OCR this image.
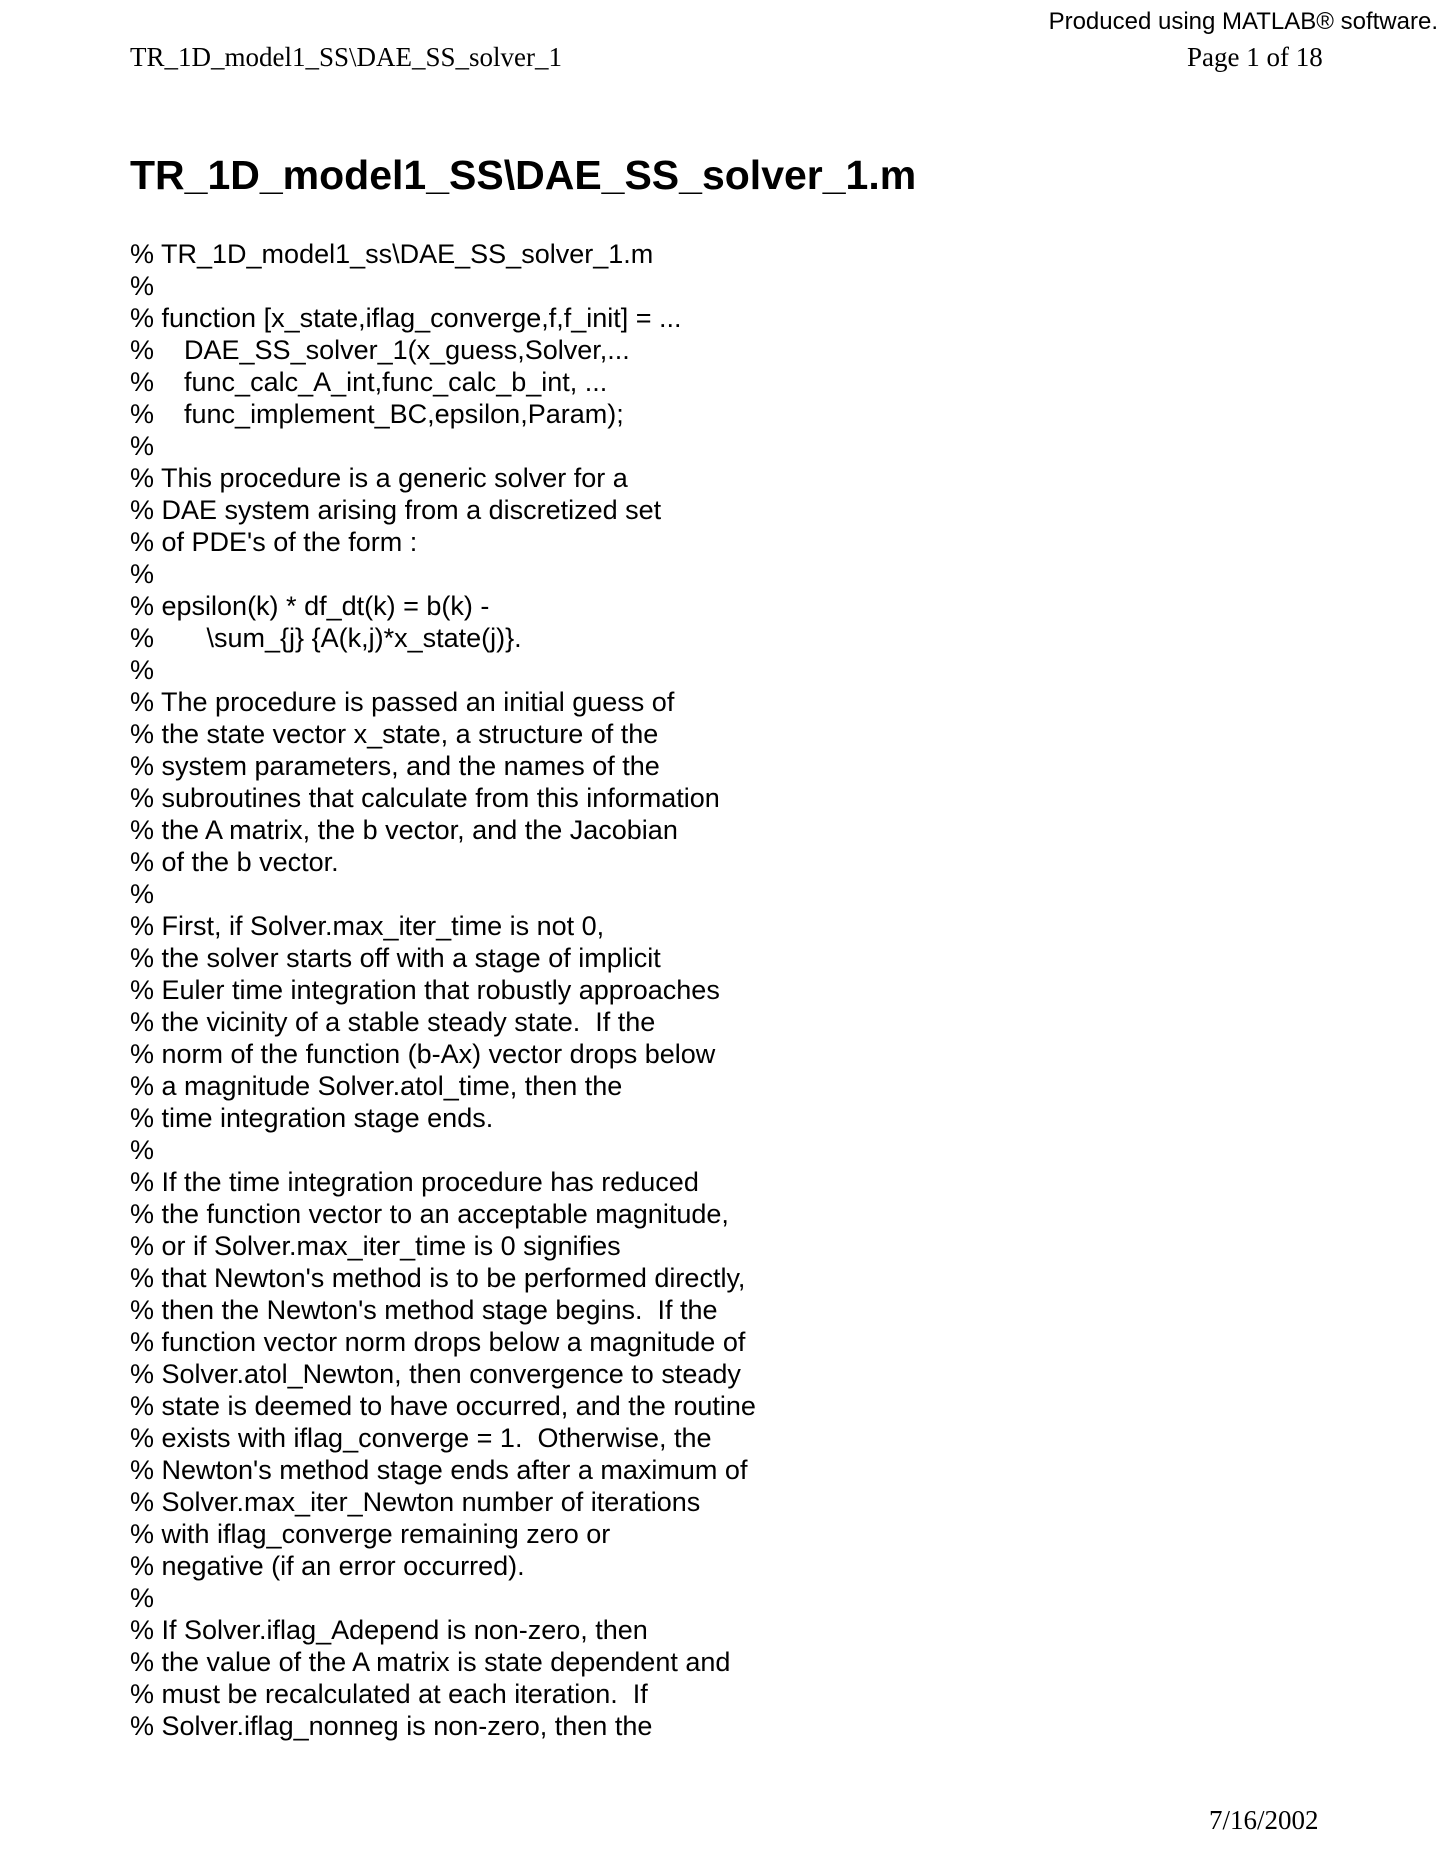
Produced using MATLAB® software.
TR_1D_model1_SS\DAE_SS_solver_1	Page 1 of 18
TR_1D_model1_SS\DAE_SS_solver_1.m
% TR_1D_model1_ss\DAE_SS_solver_1.m
%
% function [x_state,iflag_converge,f,f_init] = ...
%    DAE_SS_solver_1(x_guess,Solver,...
%    func_calc_A_int,func_calc_b_int, ...
%    func_implement_BC,epsilon,Param);
%
% This procedure is a generic solver for a
% DAE system arising from a discretized set
% of PDE's of the form :
%
% epsilon(k) * df_dt(k) = b(k) -
%       \sum_{j} {A(k,j)*x_state(j)}.
%
% The procedure is passed an initial guess of
% the state vector x_state, a structure of the
% system parameters, and the names of the
% subroutines that calculate from this information
% the A matrix, the b vector, and the Jacobian
% of the b vector.
%
% First, if Solver.max_iter_time is not 0,
% the solver starts off with a stage of implicit
% Euler time integration that robustly approaches
% the vicinity of a stable steady state.  If the
% norm of the function (b-Ax) vector drops below
% a magnitude Solver.atol_time, then the
% time integration stage ends.
%
% If the time integration procedure has reduced
% the function vector to an acceptable magnitude,
% or if Solver.max_iter_time is 0 signifies
% that Newton's method is to be performed directly,
% then the Newton's method stage begins.  If the
% function vector norm drops below a magnitude of
% Solver.atol_Newton, then convergence to steady
% state is deemed to have occurred, and the routine
% exists with iflag_converge = 1.  Otherwise, the
% Newton's method stage ends after a maximum of
% Solver.max_iter_Newton number of iterations
% with iflag_converge remaining zero or
% negative (if an error occurred).
%
% If Solver.iflag_Adepend is non-zero, then
% the value of the A matrix is state dependent and
% must be recalculated at each iteration.  If
% Solver.iflag_nonneg is non-zero, then the
7/16/2002
